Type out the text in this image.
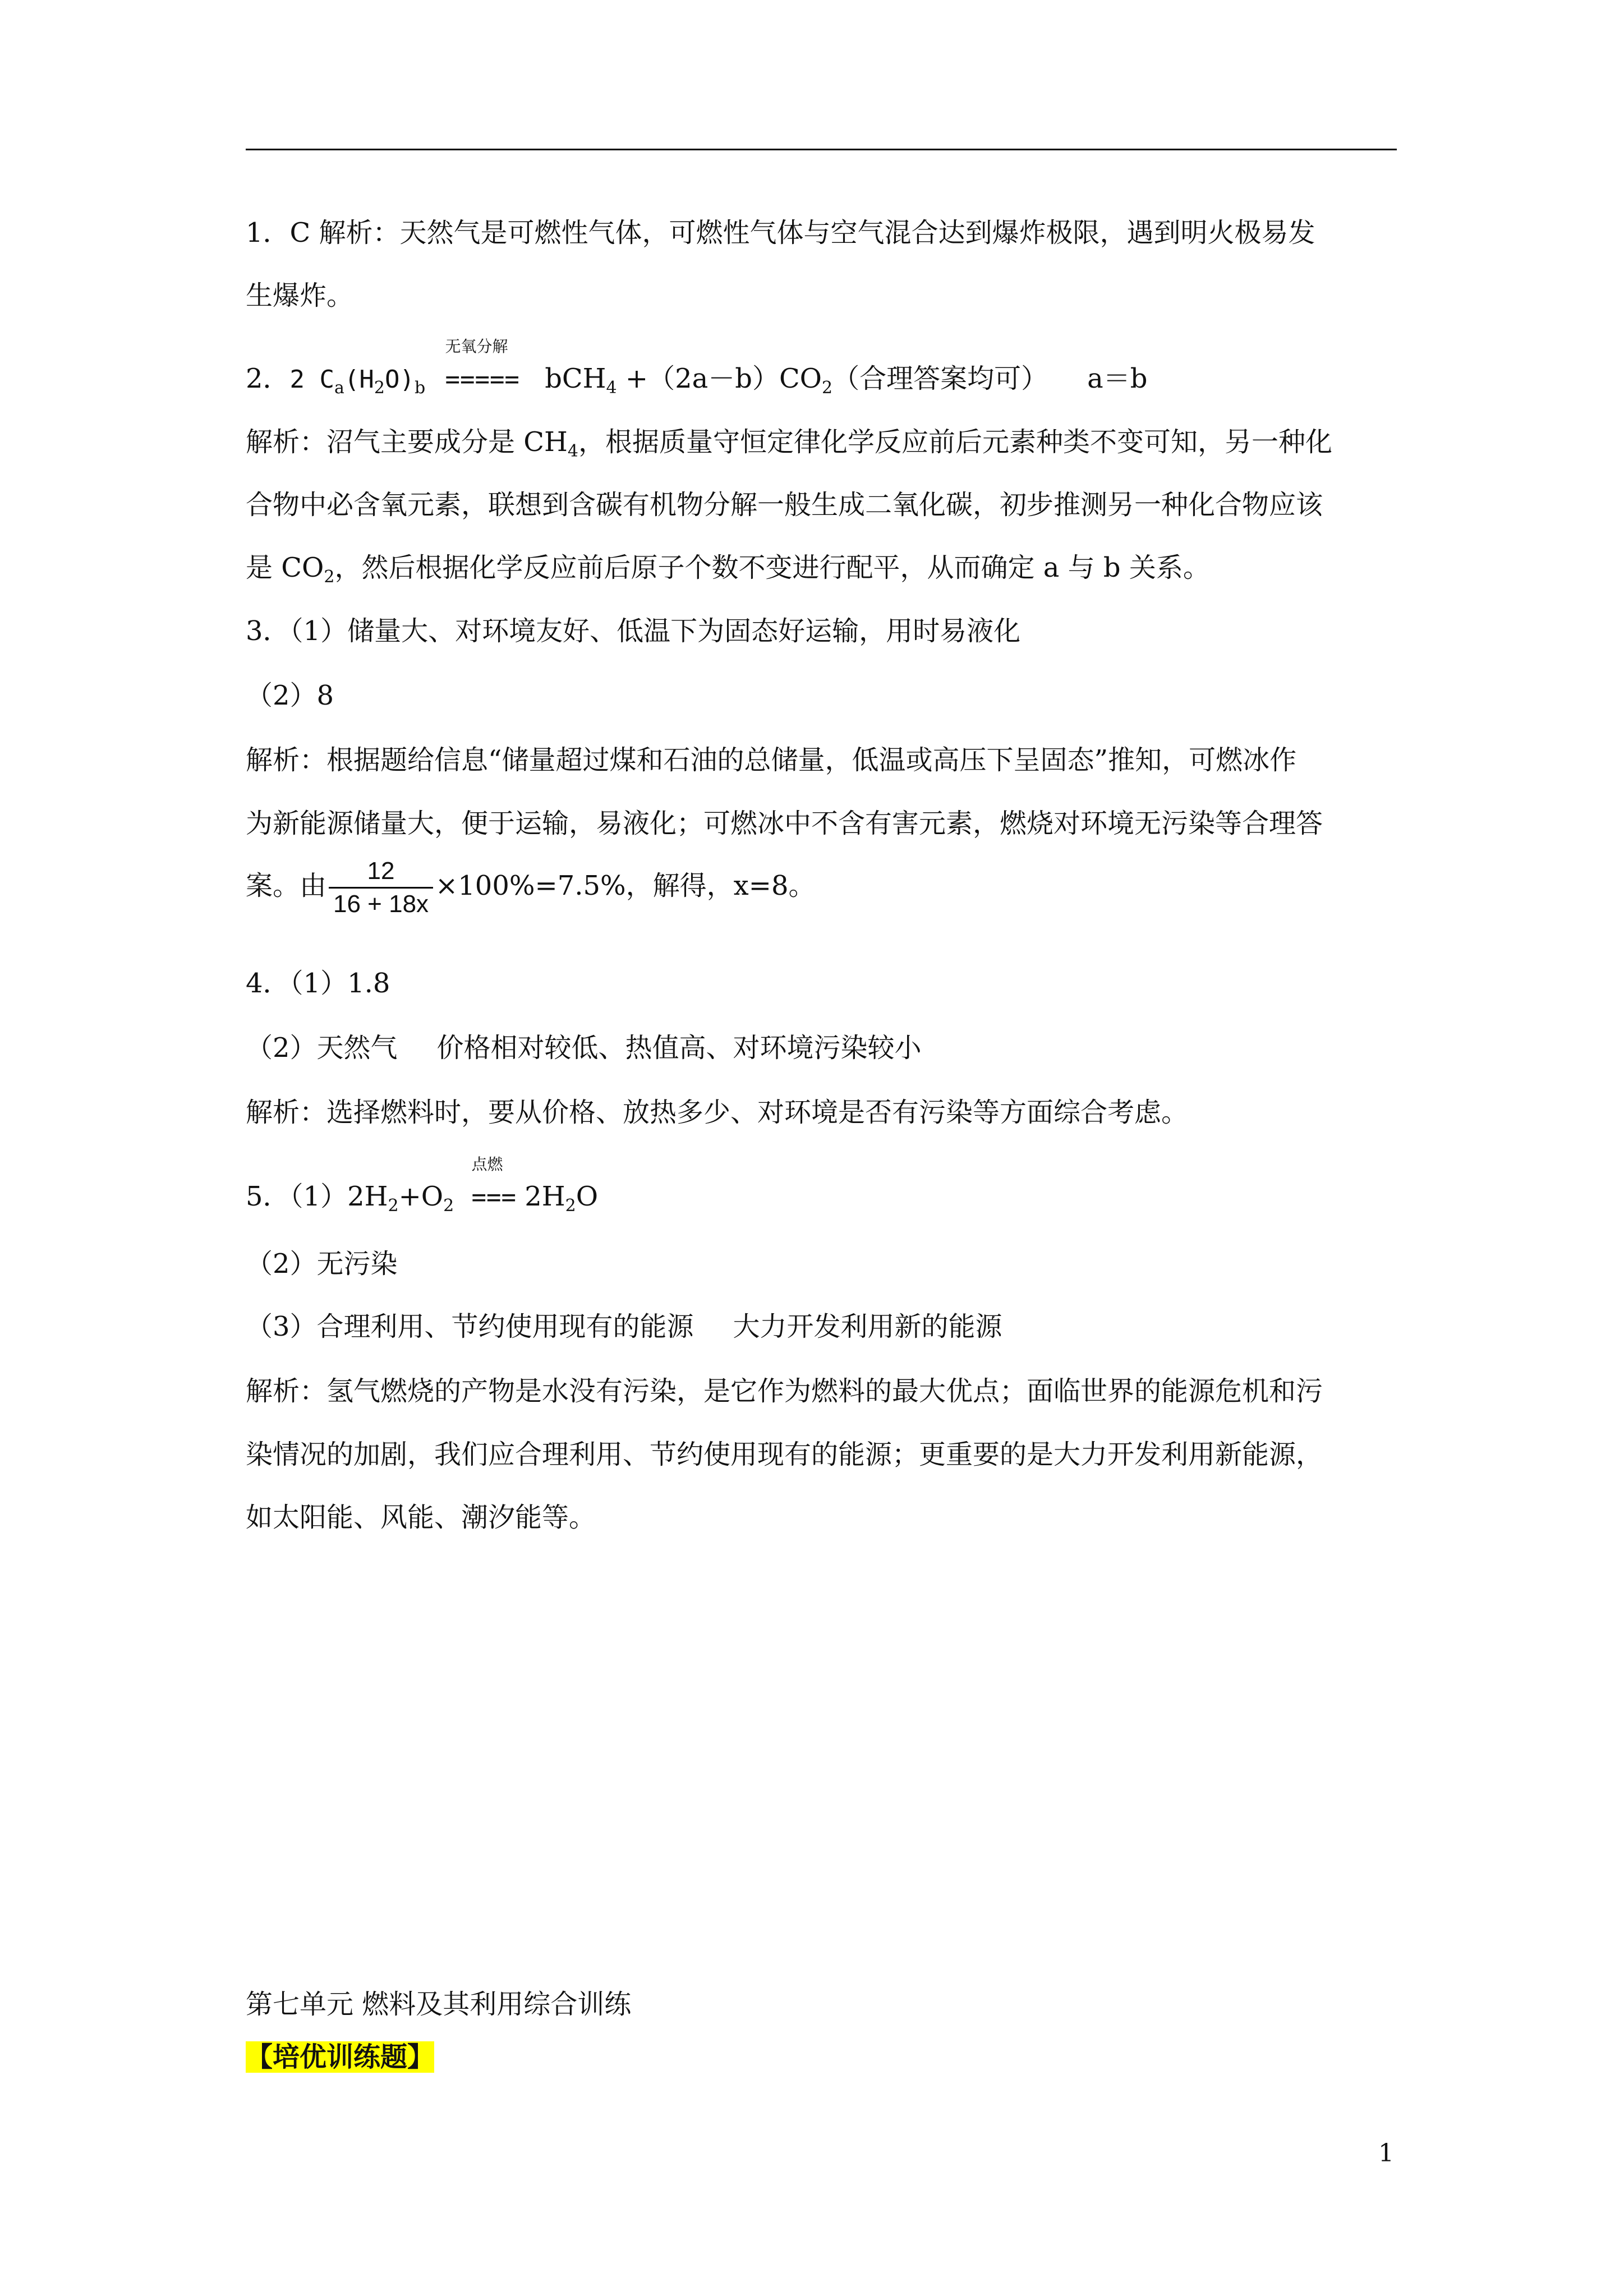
1．C 解析：天然气是可燃性气体，可燃性气体与空气混合达到爆炸极限，遇到明火极易发
生爆炸。
2．2 $C_a(H_2O)_b$
无氧分解
===== $bCH_4 +(2a-b)CO_2$（合理答案均可） a＝b
解析：沼气主要成分是 $CH_4$，根据质量守恒定律化学反应前后元素种类不变可知，另一种化
合物中必含氧元素，联想到含碳有机物分解一般生成二氧化碳，初步推测另一种化合物应该
是 $CO_2$，然后根据化学反应前后原子个数不变进行配平，从而确定 a 与 b 关系。
3．（1）储量大、对环境友好、低温下为固态好运输，用时易液化
（2）8
解析：根据题给信息“储量超过煤和石油的总储量，低温或高压下呈固态”推知，可燃冰作
为新能源储量大，便于运输，易液化；可燃冰中不含有害元素，燃烧对环境无污染等合理答
案。由 $\frac{12}{16 + 18x} \times 100\%=7.5\%$，解得，x=8。
4．（1）1.8
（2）天然气 价格相对较低、热值高、对环境污染较小
解析：选择燃料时，要从价格、放热多少、对环境是否有污染等方面综合考虑。
5．$(1)2H_2+O_2$
点燃
=== $2H_2O$
（2）无污染
（3）合理利用、节约使用现有的能源 大力开发利用新的能源
解析：氢气燃烧的产物是水没有污染，是它作为燃料的最大优点；面临世界的能源危机和污
染情况的加剧，我们应合理利用、节约使用现有的能源；更重要的是大力开发利用新能源，
如太阳能、风能、潮汐能等。
第七单元 燃料及其利用综合训练
【培优训练题】
1
